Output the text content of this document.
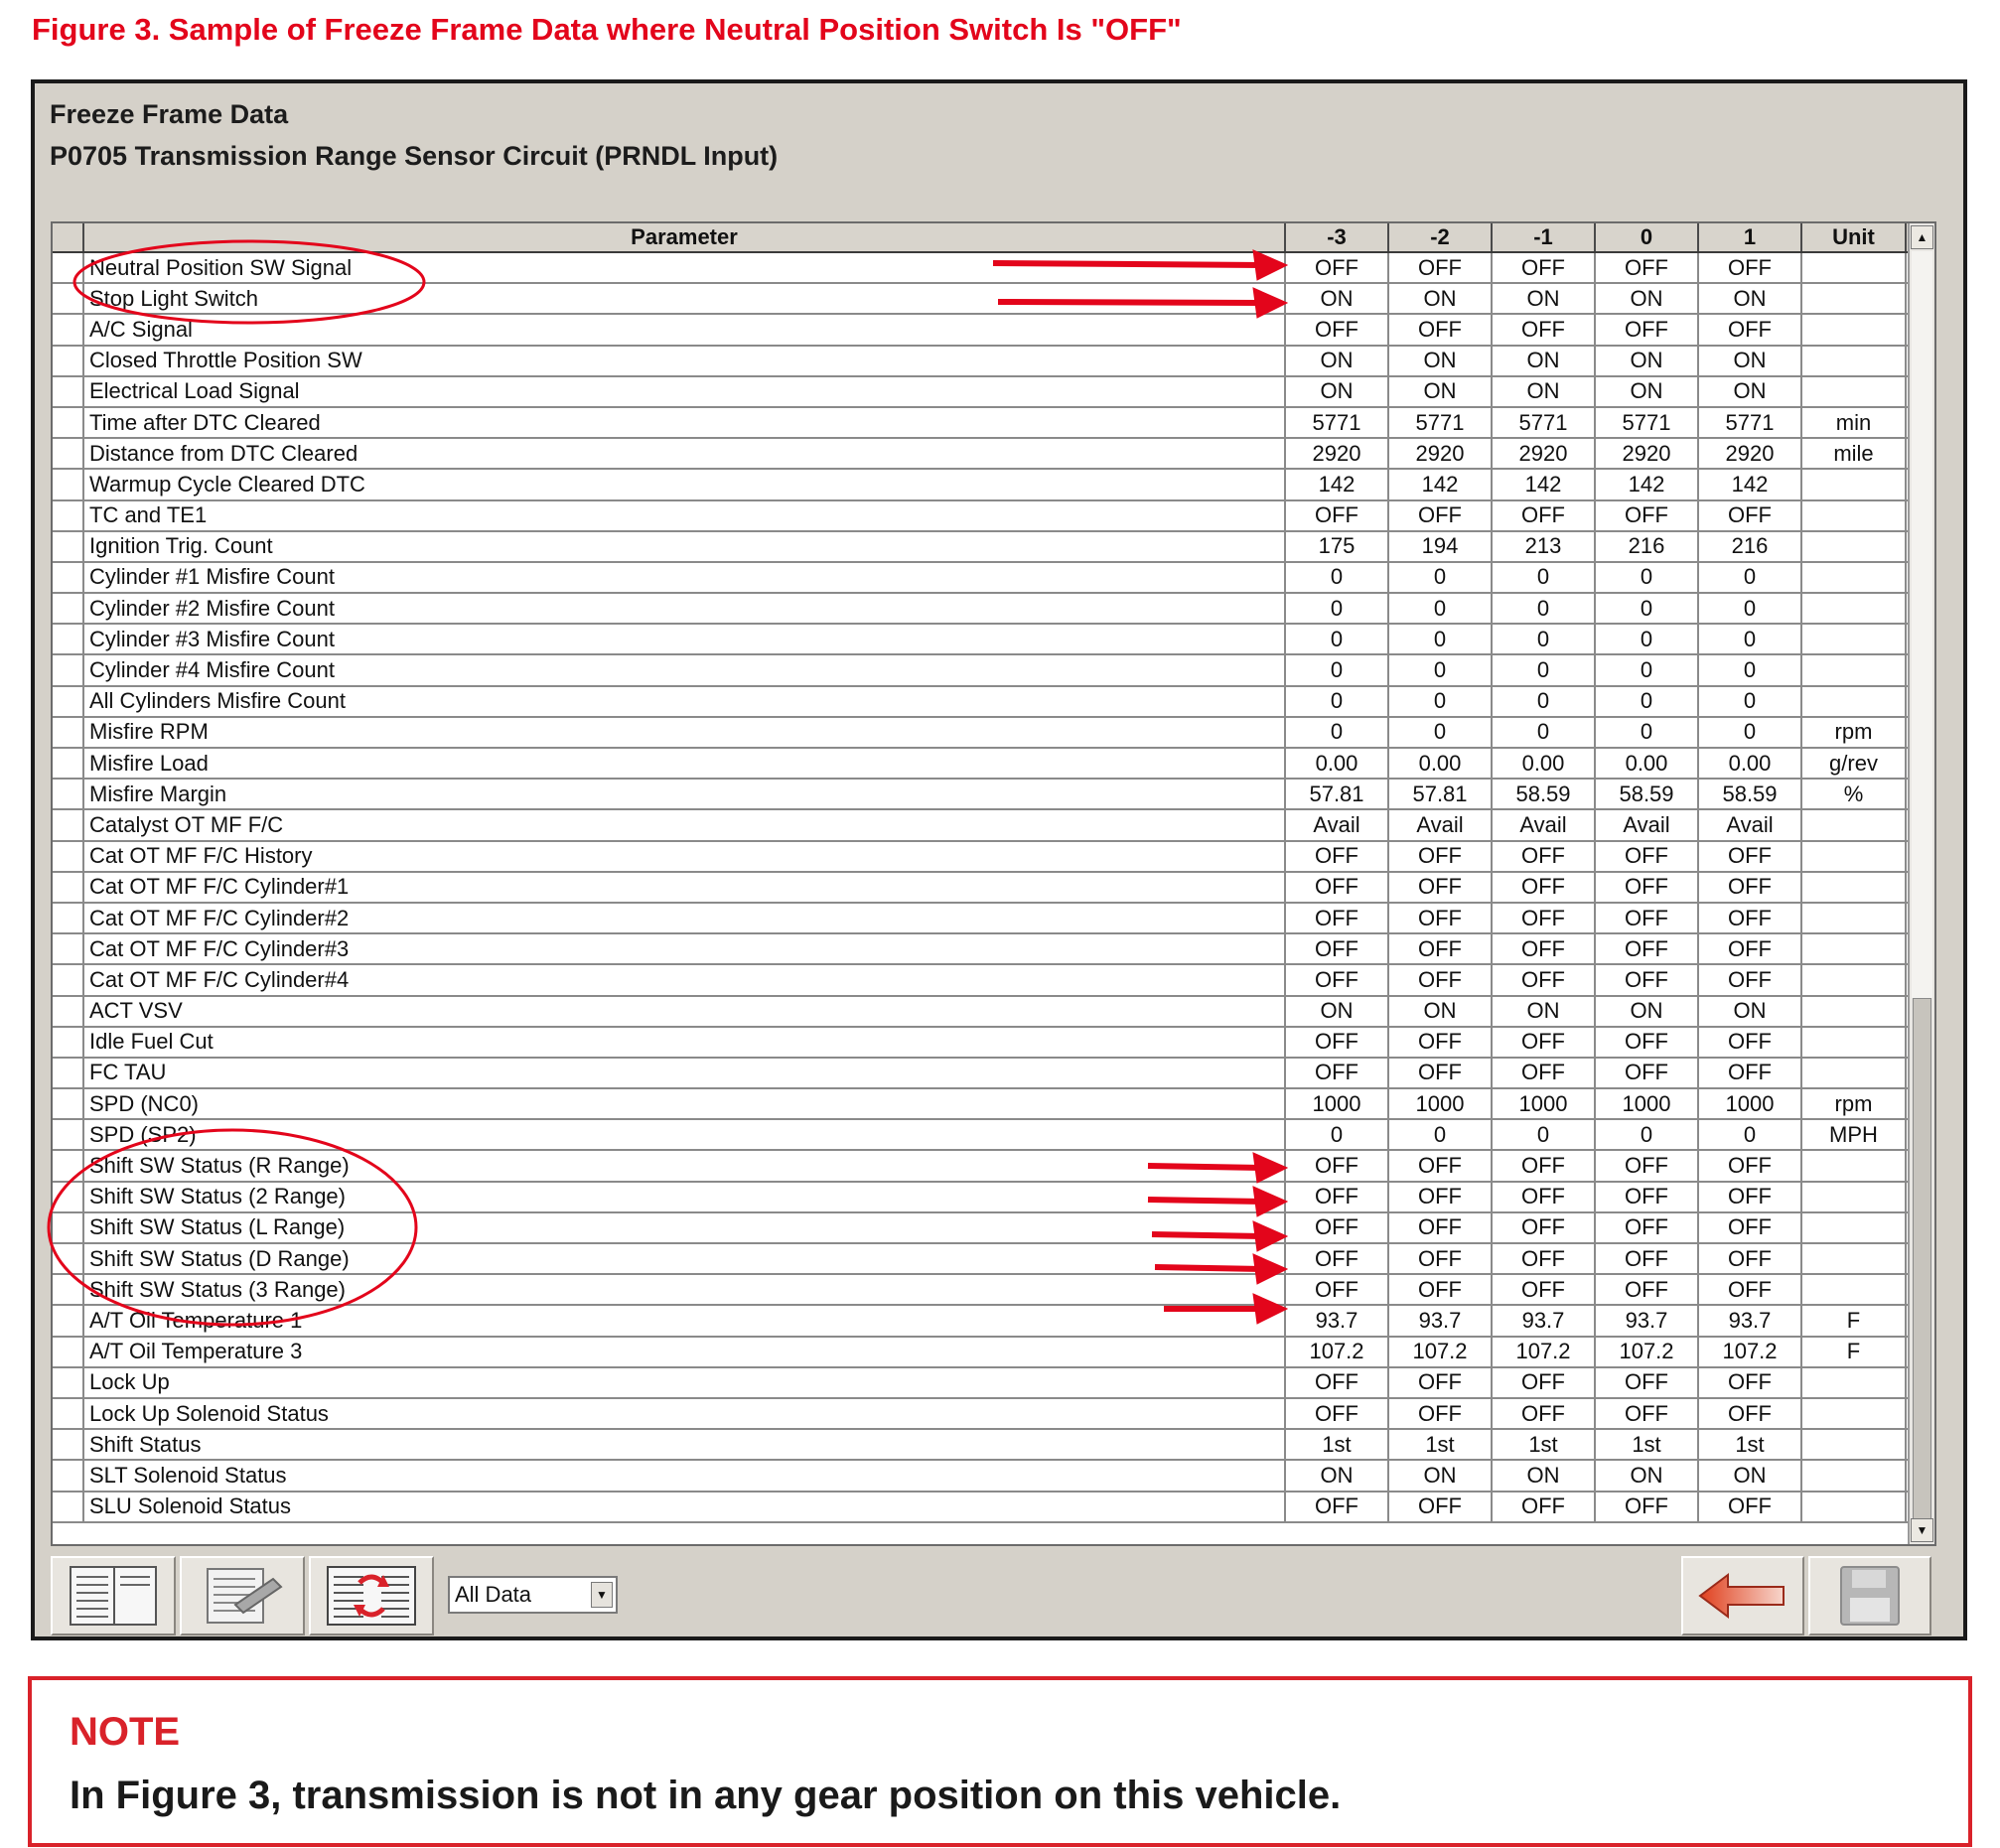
Figure 3. Sample of Freeze Frame Data where Neutral Position Switch Is "OFF"
Freeze Frame Data
P0705 Transmission Range Sensor Circuit (PRNDL Input)
Parameter	-3	-2	-1	0	1	Unit
Neutral Position SW Signal	OFF	OFF	OFF	OFF	OFF
Stop Light Switch	ON	ON	ON	ON	ON
A/C Signal	OFF	OFF	OFF	OFF	OFF
Closed Throttle Position SW	ON	ON	ON	ON	ON
Electrical Load Signal	ON	ON	ON	ON	ON
Time after DTC Cleared	5771	5771	5771	5771	5771	min
Distance from DTC Cleared	2920	2920	2920	2920	2920	mile
Warmup Cycle Cleared DTC	142	142	142	142	142
TC and TE1	OFF	OFF	OFF	OFF	OFF
Ignition Trig. Count	175	194	213	216	216
Cylinder #1 Misfire Count	0	0	0	0	0
Cylinder #2 Misfire Count	0	0	0	0	0
Cylinder #3 Misfire Count	0	0	0	0	0
Cylinder #4 Misfire Count	0	0	0	0	0
All Cylinders Misfire Count	0	0	0	0	0
Misfire RPM	0	0	0	0	0	rpm
Misfire Load	0.00	0.00	0.00	0.00	0.00	g/rev
Misfire Margin	57.81	57.81	58.59	58.59	58.59	%
Catalyst OT MF F/C	Avail	Avail	Avail	Avail	Avail
Cat OT MF F/C History	OFF	OFF	OFF	OFF	OFF
Cat OT MF F/C Cylinder#1	OFF	OFF	OFF	OFF	OFF
Cat OT MF F/C Cylinder#2	OFF	OFF	OFF	OFF	OFF
Cat OT MF F/C Cylinder#3	OFF	OFF	OFF	OFF	OFF
Cat OT MF F/C Cylinder#4	OFF	OFF	OFF	OFF	OFF
ACT VSV	ON	ON	ON	ON	ON
Idle Fuel Cut	OFF	OFF	OFF	OFF	OFF
FC TAU	OFF	OFF	OFF	OFF	OFF
SPD (NC0)	1000	1000	1000	1000	1000	rpm
SPD (SP2)	0	0	0	0	0	MPH
Shift SW Status (R Range)	OFF	OFF	OFF	OFF	OFF
Shift SW Status (2 Range)	OFF	OFF	OFF	OFF	OFF
Shift SW Status (L Range)	OFF	OFF	OFF	OFF	OFF
Shift SW Status (D Range)	OFF	OFF	OFF	OFF	OFF
Shift SW Status (3 Range)	OFF	OFF	OFF	OFF	OFF
A/T Oil Temperature 1	93.7	93.7	93.7	93.7	93.7	F
A/T Oil Temperature 3	107.2	107.2	107.2	107.2	107.2	F
Lock Up	OFF	OFF	OFF	OFF	OFF
Lock Up Solenoid Status	OFF	OFF	OFF	OFF	OFF
Shift Status	1st	1st	1st	1st	1st
SLT Solenoid Status	ON	ON	ON	ON	ON
SLU Solenoid Status	OFF	OFF	OFF	OFF	OFF
▲
▼
All Data	▼
NOTE
In Figure 3, transmission is not in any gear position on this vehicle.
